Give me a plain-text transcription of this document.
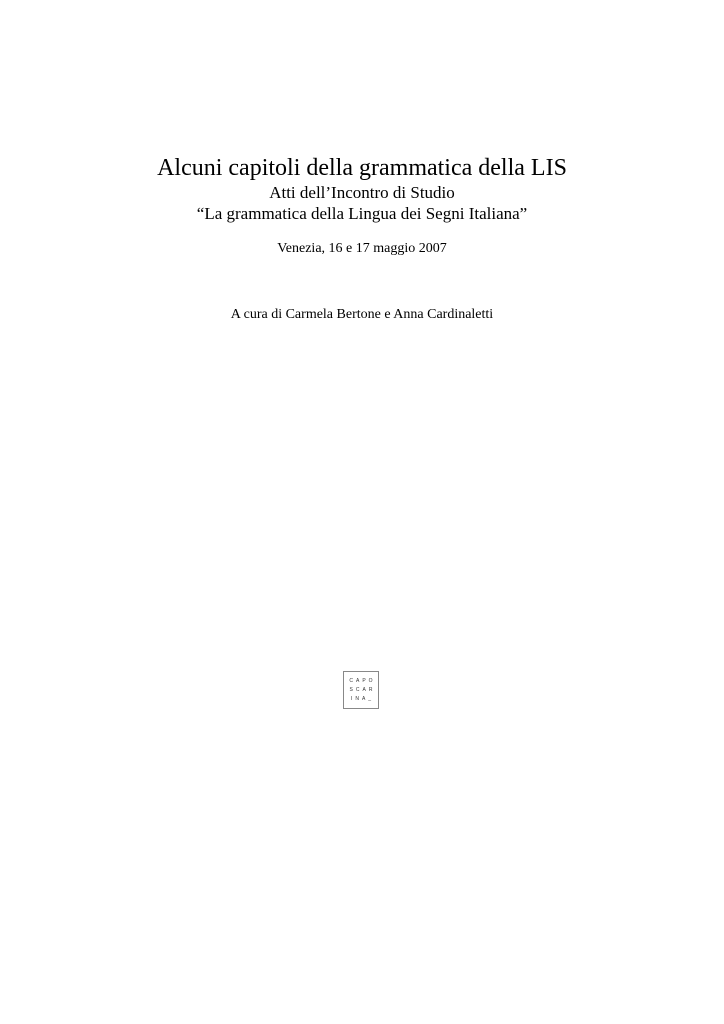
Alcuni capitoli della grammatica della LIS
Atti dell’Incontro di Studio
“La grammatica della Lingua dei Segni Italiana”
Venezia, 16 e 17 maggio 2007
A cura di Carmela Bertone e Anna Cardinaletti
CAPO
SCAR
INA_
